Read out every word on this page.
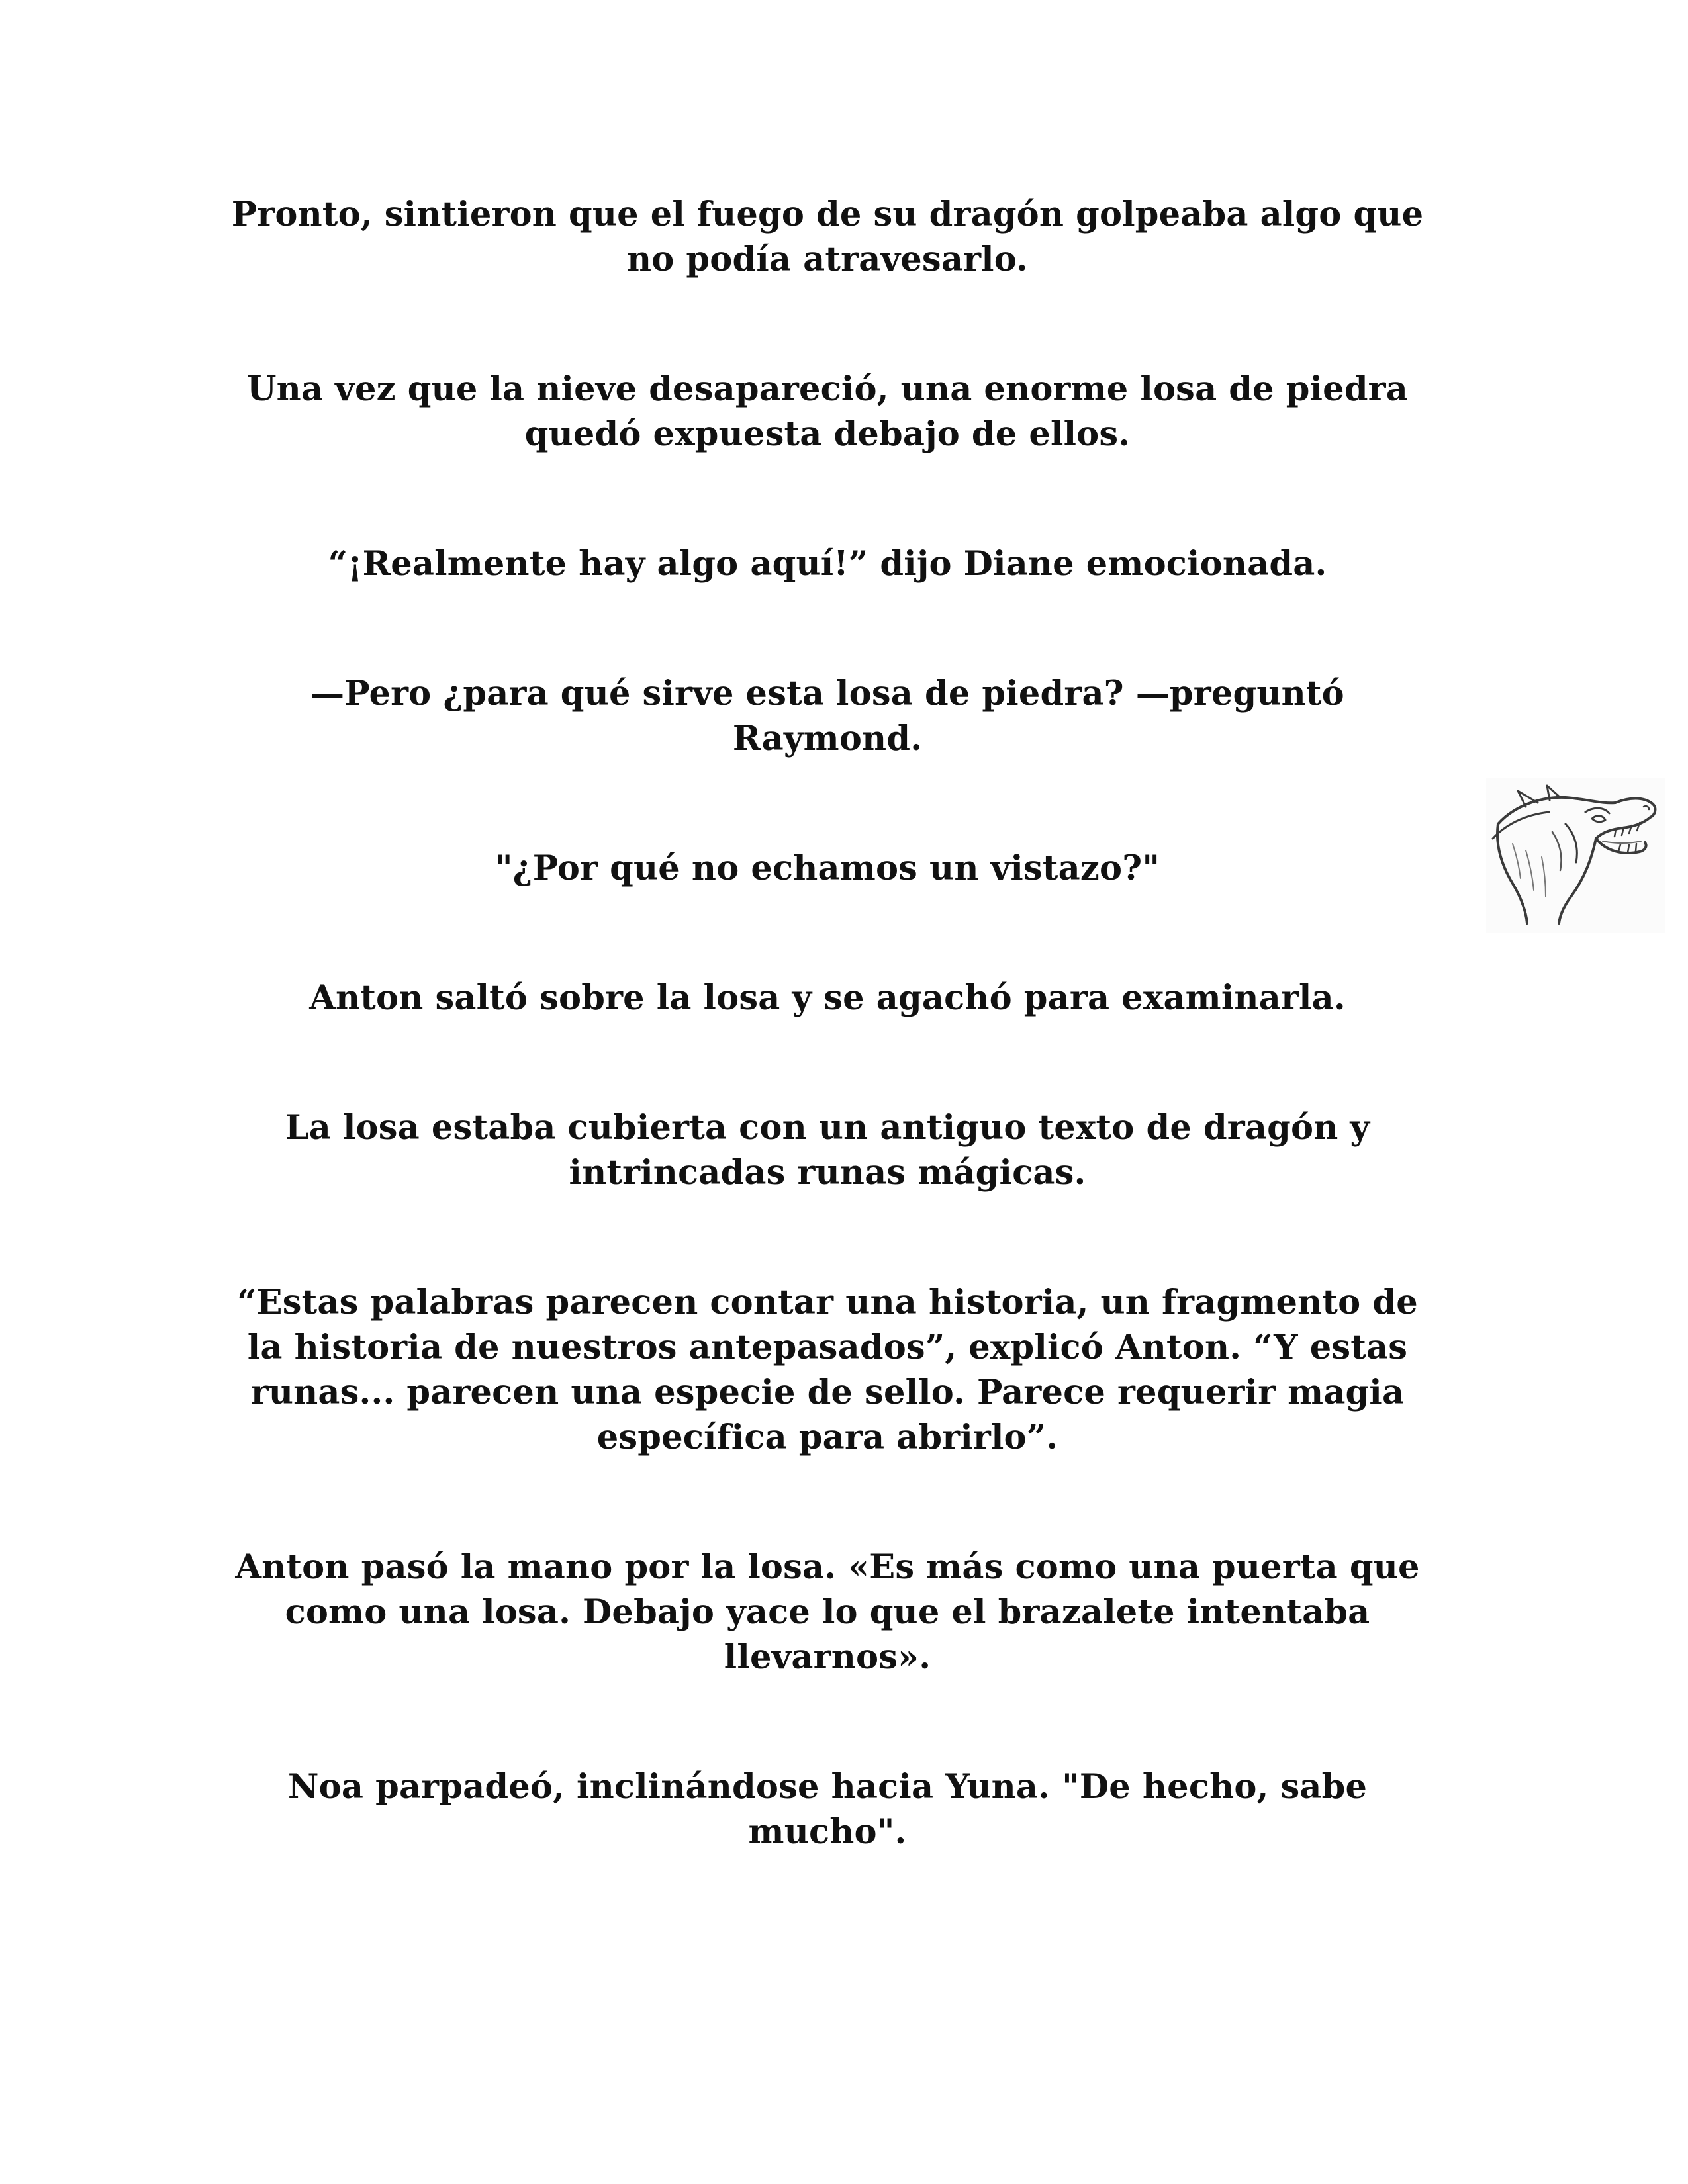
Pronto, sintieron que el fuego de su dragón golpeaba algo que
no podía atravesarlo.

Una vez que la nieve desapareció, una enorme losa de piedra
quedó expuesta debajo de ellos.

“¡Realmente hay algo aquí!” dijo Diane emocionada.

—Pero ¿para qué sirve esta losa de piedra? —preguntó
Raymond.

"¿Por qué no echamos un vistazo?"

Anton saltó sobre la losa y se agachó para examinarla.

La losa estaba cubierta con un antiguo texto de dragón y
intrincadas runas mágicas.

“Estas palabras parecen contar una historia, un fragmento de
la historia de nuestros antepasados”, explicó Anton. “Y estas
runas... parecen una especie de sello. Parece requerir magia
específica para abrirlo”.

Anton pasó la mano por la losa. «Es más como una puerta que
como una losa. Debajo yace lo que el brazalete intentaba
llevarnos».

Noa parpadeó, inclinándose hacia Yuna. "De hecho, sabe
mucho".
